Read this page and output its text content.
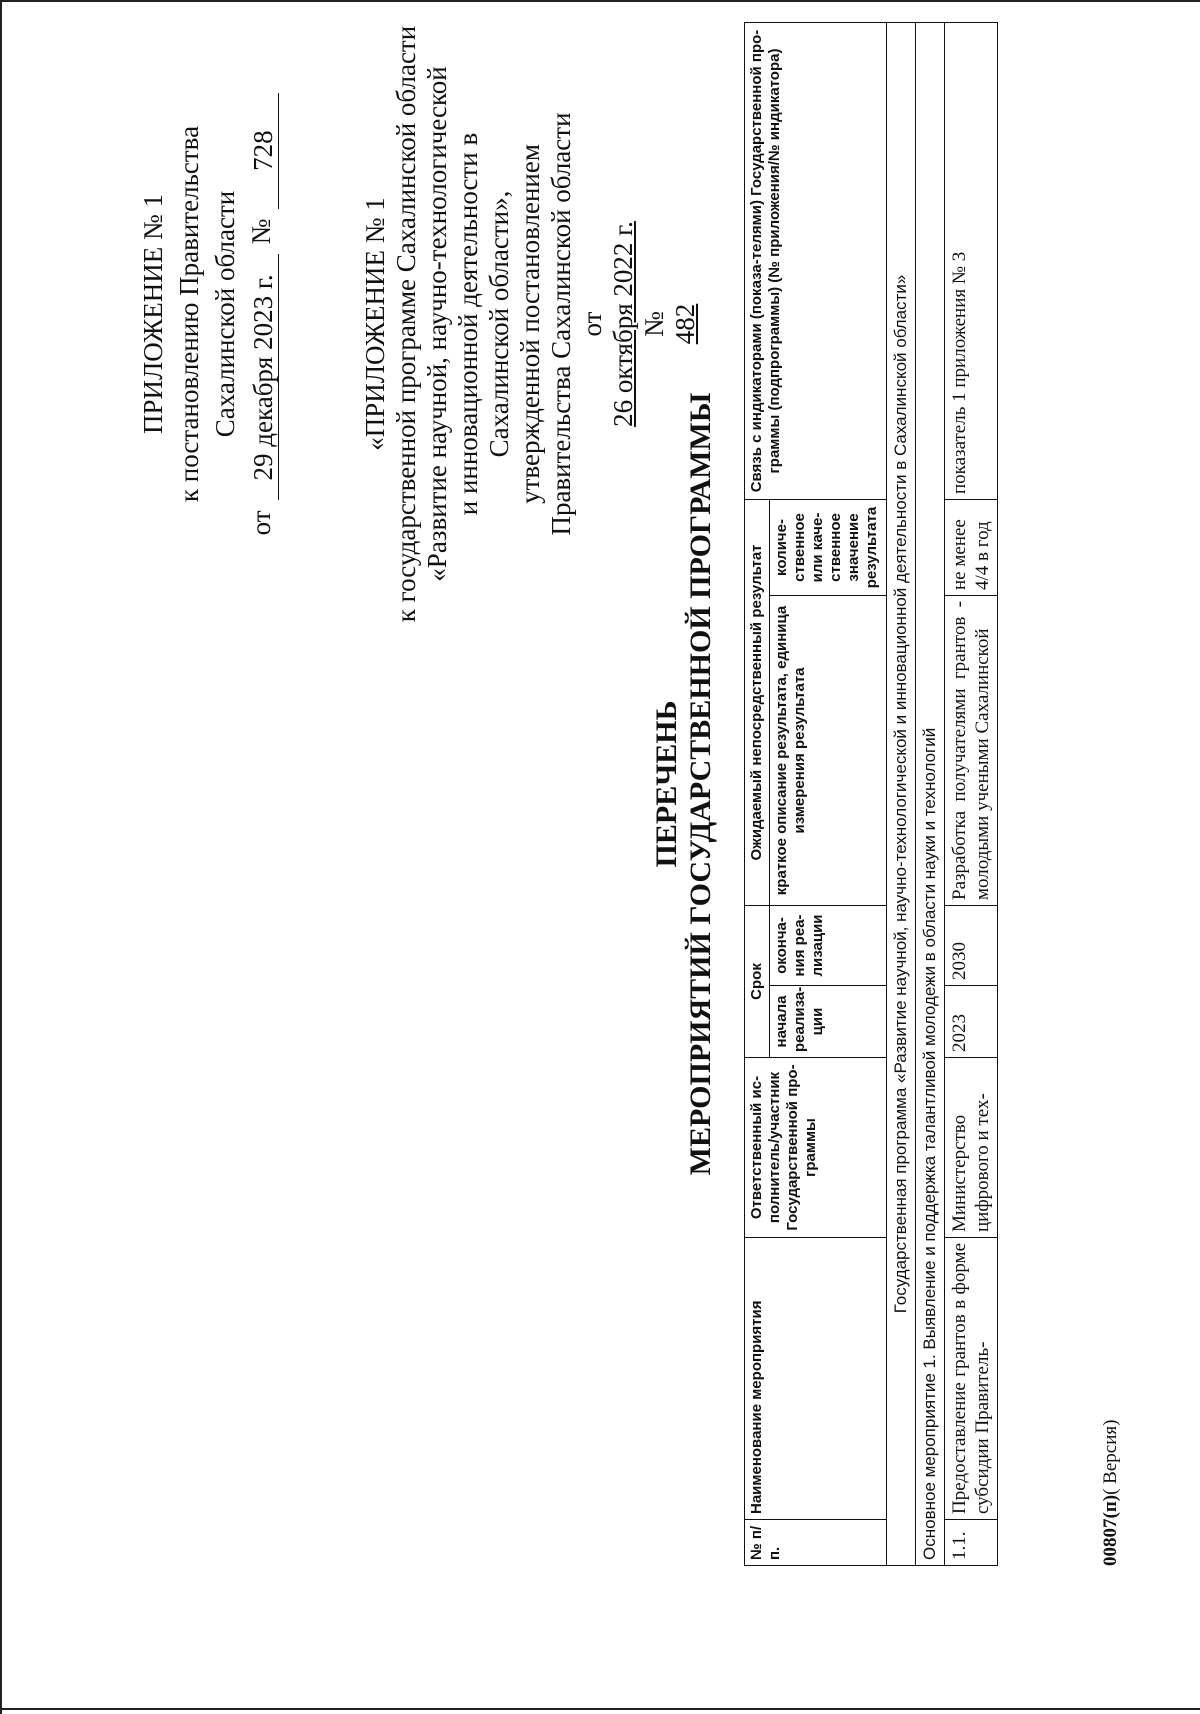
ПРИЛОЖЕНИЕ № 1 к постановлению Правительства Сахалинской области
от
29 декабря 2023 г.
№
728
«ПРИЛОЖЕНИЕ № 1 к государственной программе Сахалинской области «Развитие научной, научно-технологической и инновационной деятельности в Сахалинской области», утвержденной постановлением Правительства Сахалинской области от 26 октября 2022 г. № 482
ПЕРЕЧЕНЬ МЕРОПРИЯТИЙ ГОСУДАРСТВЕННОЙ ПРОГРАММЫ
№ п/п.	Наименование мероприятия	Ответственный ис-полнитель/участник Государственной про-граммы	Срок		Ожидаемый непосредственный результат		Связь с индикаторами (показа-телями) Государственной про-граммы (подпрограммы) (№ приложения/№ индикатора)
			начала реализа-ции	оконча-ния реа-лизации	краткое описание результата, единица измерения результата	количе-ственное или каче-ственное значение результата	
Государственная программа «Развитие научной, научно-технологической и инновационной деятельности в Сахалинской области»							
Основное мероприятие 1. Выявление и поддержка талантливой молодежи в области науки и технологий							
1.1.	Предоставление грантов в форме субсидии Правитель-	Министерство цифрового и тех-	2023	2030	Разработка получателями грантов - молодыми учеными Сахалинской	не менее 4/4 в год	показатель 1 приложения № 3
00807(п)( Версия)
